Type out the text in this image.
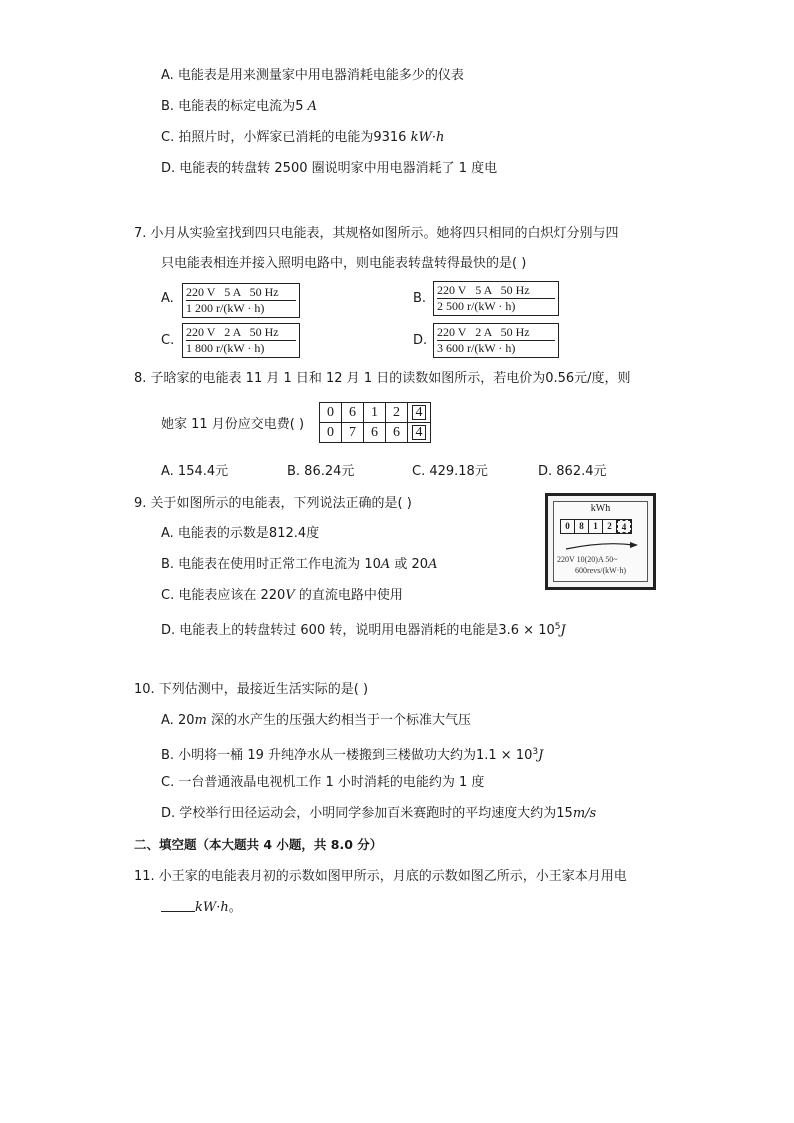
A. 电能表是用来测量家中用电器消耗电能多少的仪表
B. 电能表的标定电流为5 A
C. 拍照片时，小辉家已消耗的电能为9316 kW·h
D. 电能表的转盘转 2500 圈说明家中用电器消耗了 1 度电
7. 小月从实验室找到四只电能表，其规格如图所示。她将四只相同的白炽灯分别与四
只电能表相连并接入照明电路中，则电能表转盘转得最快的是( )
A. 220 V   5 A   50 Hz
1 200 r/(kW · h)
B.
220 V   5 A   50 Hz
2 500 r/(kW · h)
C.
220 V   2 A   50 Hz
1 800 r/(kW · h)	D.
220 V   2 A   50 Hz
3 600 r/(kW · h)
8. 子晗家的电能表 11 月 1 日和 12 月 1 日的读数如图所示，若电价为0.56元/度，则
她家 11 月份应交电费( )
0	6	1	2	4
0	7	6	6	4
A. 154.4元	B. 86.24元	C. 429.18元	D. 862.4元
9. 关于如图所示的电能表，下列说法正确的是( )
A. 电能表的示数是812.4度
B. 电能表在使用时正常工作电流为 10A 或 20A
C. 电能表应该在 220V 的直流电路中使用
D. 电能表上的转盘转过 600 转，说明用电器消耗的电能是$3.6 \times 10^5J$
kWh
0	8	1	2	4
220V 10(20)A 50~
600revs/(kW·h)
10. 下列估测中，最接近生活实际的是( )
A. 20m 深的水产生的压强大约相当于一个标准大气压
B. 小明将一桶 19 升纯净水从一楼搬到三楼做功大约为$1.1 \times 10^3J$
C. 一台普通液晶电视机工作 1 小时消耗的电能约为 1 度
D. 学校举行田径运动会，小明同学参加百米赛跑时的平均速度大约为15m/s
二、填空题（本大题共 4 小题，共 8.0 分）
11. 小王家的电能表月初的示数如图甲所示，月底的示数如图乙所示，小王家本月用电
kW·h。
